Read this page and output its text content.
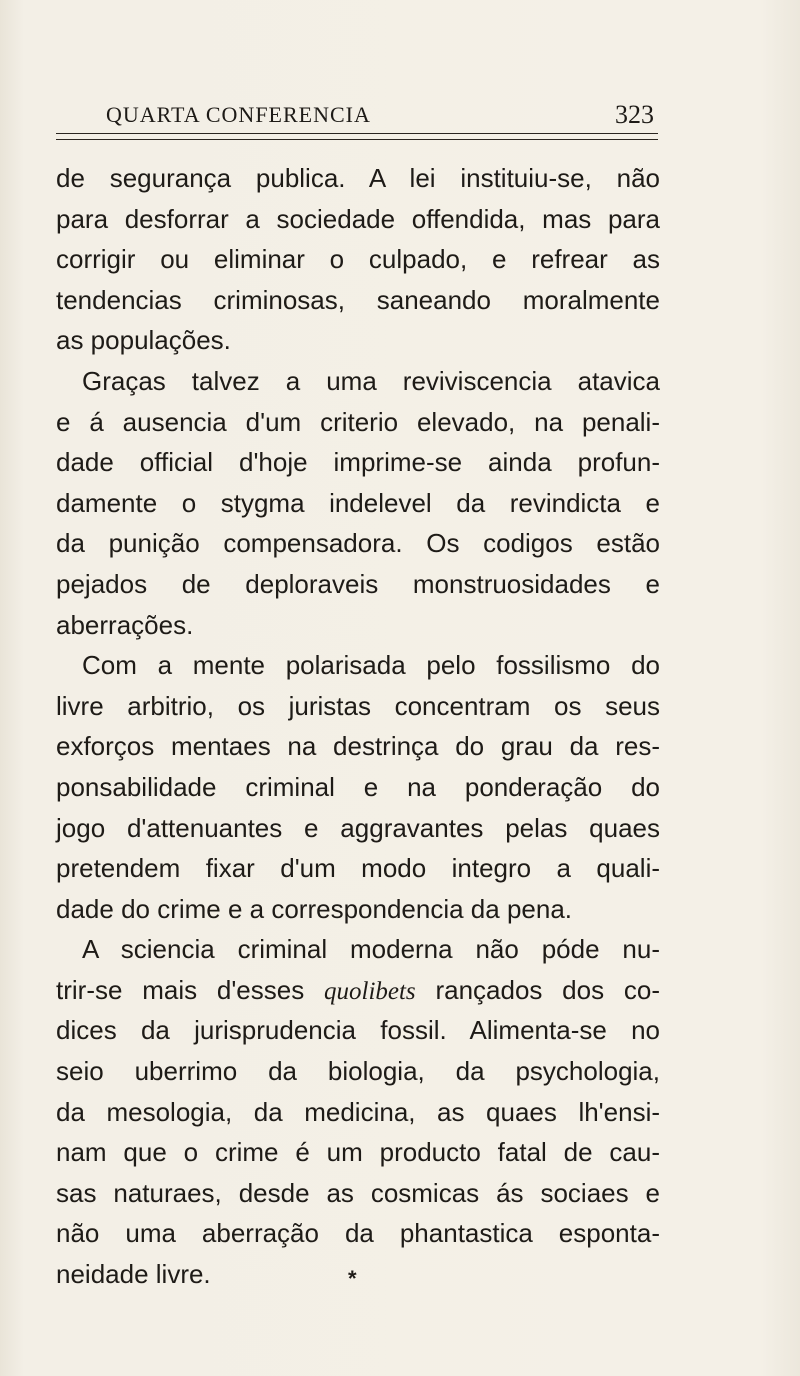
QUARTA CONFERENCIA	323
de segurança publica. A lei instituiu-se, não
para desforrar a sociedade offendida, mas para
corrigir ou eliminar o culpado, e refrear as
tendencias criminosas, saneando moralmente
as populações.
Graças talvez a uma reviviscencia atavica
e á ausencia d'um criterio elevado, na penali-
dade official d'hoje imprime-se ainda profun-
damente o stygma indelevel da revindicta e
da punição compensadora. Os codigos estão
pejados de deploraveis monstruosidades e
aberrações.
Com a mente polarisada pelo fossilismo do
livre arbitrio, os juristas concentram os seus
exforços mentaes na destrinça do grau da res-
ponsabilidade criminal e na ponderação do
jogo d'attenuantes e aggravantes pelas quaes
pretendem fixar d'um modo integro a quali-
dade do crime e a correspondencia da pena.
A sciencia criminal moderna não póde nu-
trir-se mais d'esses quolibets rançados dos co-
dices da jurisprudencia fossil. Alimenta-se no
seio uberrimo da biologia, da psychologia,
da mesologia, da medicina, as quaes lh'ensi-
nam que o crime é um producto fatal de cau-
sas naturaes, desde as cosmicas ás sociaes e
não uma aberração da phantastica esponta-
neidade livre.	*
